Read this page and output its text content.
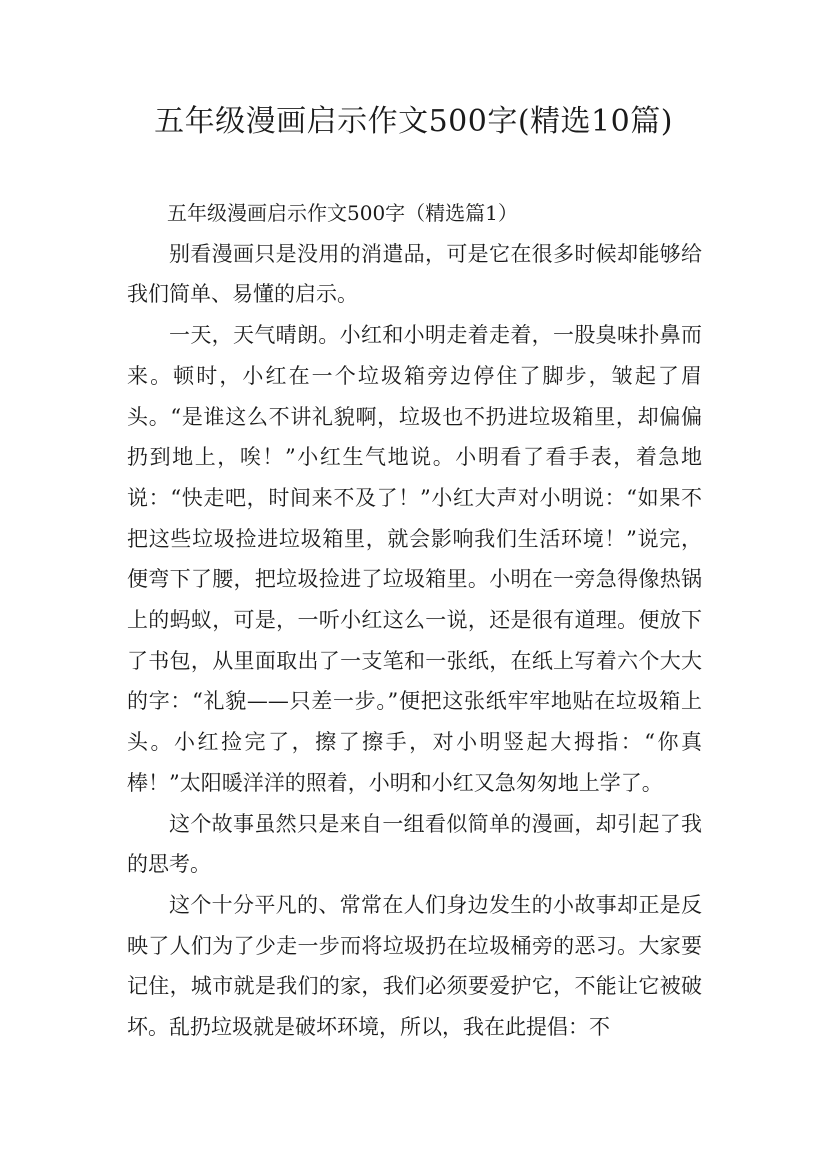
五年级漫画启示作文500字(精选10篇)
五年级漫画启示作文500字（精选篇1）

别看漫画只是没用的消遣品，可是它在很多时候却能够给我们简单、易懂的启示。

一天，天气晴朗。小红和小明走着走着，一股臭味扑鼻而来。顿时，小红在一个垃圾箱旁边停住了脚步，皱起了眉头。“是谁这么不讲礼貌啊，垃圾也不扔进垃圾箱里，却偏偏扔到地上，唉！”小红生气地说。小明看了看手表，着急地说：“快走吧，时间来不及了！”小红大声对小明说：“如果不把这些垃圾捡进垃圾箱里，就会影响我们生活环境！”说完，便弯下了腰，把垃圾捡进了垃圾箱里。小明在一旁急得像热锅上的蚂蚁，可是，一听小红这么一说，还是很有道理。便放下了书包，从里面取出了一支笔和一张纸，在纸上写着六个大大的字：“礼貌——只差一步。”便把这张纸牢牢地贴在垃圾箱上头。小红捡完了，擦了擦手，对小明竖起大拇指：“你真棒！”太阳暖洋洋的照着，小明和小红又急匆匆地上学了。

这个故事虽然只是来自一组看似简单的漫画，却引起了我的思考。

这个十分平凡的、常常在人们身边发生的小故事却正是反映了人们为了少走一步而将垃圾扔在垃圾桶旁的恶习。大家要记住，城市就是我们的家，我们必须要爱护它，不能让它被破坏。乱扔垃圾就是破坏环境，所以，我在此提倡：不
